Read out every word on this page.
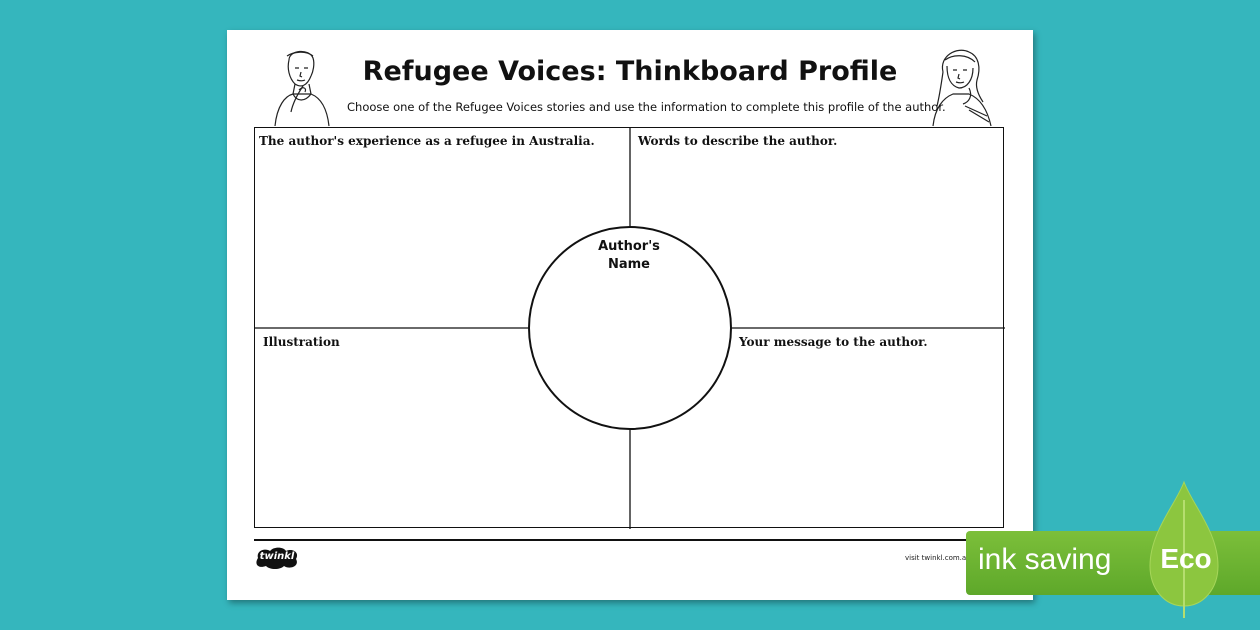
Refugee Voices: Thinkboard Profile
Choose one of the Refugee Voices stories and use the information to complete this profile of the author.
The author's experience as a refugee in Australia.	Words to describe the author.
Illustration	Your message to the author.
Author's
Name
twinkl	visit twinkl.com.a ink saving Eco
